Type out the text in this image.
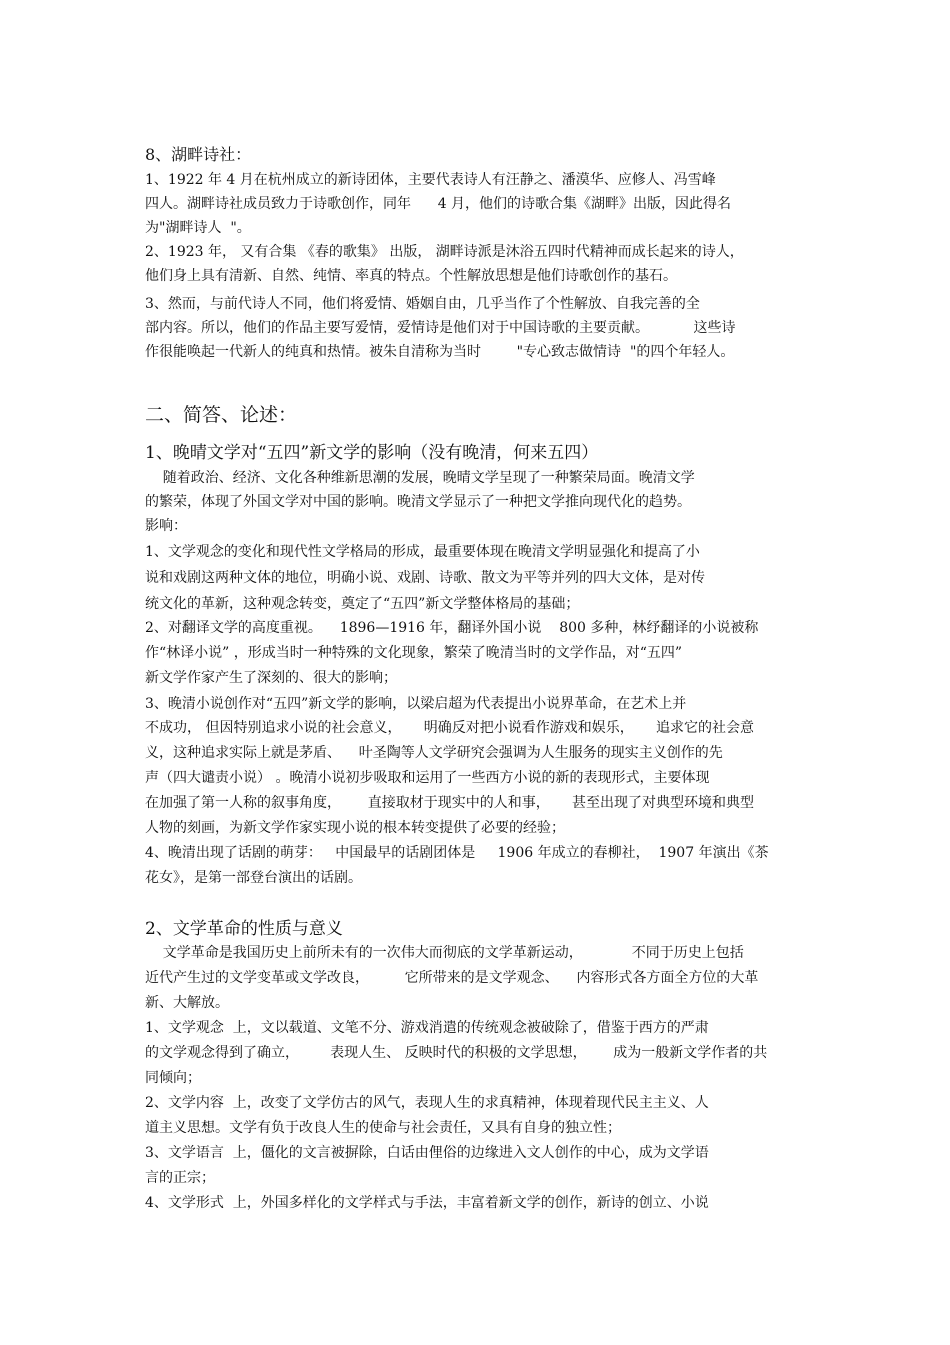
8、湖畔诗社：
1、1922 年 4 月在杭州成立的新诗团体，主要代表诗人有汪静之、潘漠华、应修人、冯雪峰
四人。湖畔诗社成员致力于诗歌创作，同年      4 月，他们的诗歌合集《湖畔》出版，因此得名
为"湖畔诗人  "。
2、1923 年， 又有合集 《春的歌集》 出版， 湖畔诗派是沐浴五四时代精神而成长起来的诗人，
他们身上具有清新、自然、纯情、率真的特点。个性解放思想是他们诗歌创作的基石。
3、然而，与前代诗人不同，他们将爱情、婚姻自由，几乎当作了个性解放、自我完善的全
部内容。所以，他们的作品主要写爱情，爱情诗是他们对于中国诗歌的主要贡献。          这些诗
作很能唤起一代新人的纯真和热情。被朱自清称为当时        "专心致志做情诗  "的四个年轻人。
二、简答、论述：
1、晚晴文学对“五四”新文学的影响（没有晚清，何来五四）
随着政治、经济、文化各种维新思潮的发展，晚晴文学呈现了一种繁荣局面。晚清文学
的繁荣，体现了外国文学对中国的影响。晚清文学显示了一种把文学推向现代化的趋势。
影响：
1、文学观念的变化和现代性文学格局的形成，最重要体现在晚清文学明显强化和提高了小
说和戏剧这两种文体的地位，明确小说、戏剧、诗歌、散文为平等并列的四大文体，是对传
统文化的革新，这种观念转变，奠定了“五四”新文学整体格局的基础；
2、对翻译文学的高度重视。    1896—1916 年，翻译外国小说    800 多种，林纾翻译的小说被称
作“林译小说” ，形成当时一种特殊的文化现象，繁荣了晚清当时的文学作品，对“五四”
新文学作家产生了深刻的、很大的影响；
3、晚清小说创作对“五四”新文学的影响，以梁启超为代表提出小说界革命，在艺术上并
不成功， 但因特别追求小说的社会意义，     明确反对把小说看作游戏和娱乐，     追求它的社会意
义，这种追求实际上就是茅盾、    叶圣陶等人文学研究会强调为人生服务的现实主义创作的先
声（四大谴责小说） 。晚清小说初步吸取和运用了一些西方小说的新的表现形式，主要体现
在加强了第一人称的叙事角度，      直接取材于现实中的人和事，     甚至出现了对典型环境和典型
人物的刻画，为新文学作家实现小说的根本转变提供了必要的经验；
4、晚清出现了话剧的萌芽：   中国最早的话剧团体是     1906 年成立的春柳社，  1907 年演出《茶
花女》，是第一部登台演出的话剧。
2、文学革命的性质与意义
文学革命是我国历史上前所未有的一次伟大而彻底的文学革新运动，           不同于历史上包括
近代产生过的文学变革或文学改良，        它所带来的是文学观念、    内容形式各方面全方位的大革
新、大解放。
1、文学观念  上，文以载道、文笔不分、游戏消遣的传统观念被破除了，借鉴于西方的严肃
的文学观念得到了确立，       表现人生、 反映时代的积极的文学思想，      成为一般新文学作者的共
同倾向；
2、文学内容  上，改变了文学仿古的风气，表现人生的求真精神，体现着现代民主主义、人
道主义思想。文学有负于改良人生的使命与社会责任，又具有自身的独立性；
3、文学语言  上，僵化的文言被摒除，白话由俚俗的边缘进入文人创作的中心，成为文学语
言的正宗；
4、文学形式  上，外国多样化的文学样式与手法，丰富着新文学的创作，新诗的创立、小说
